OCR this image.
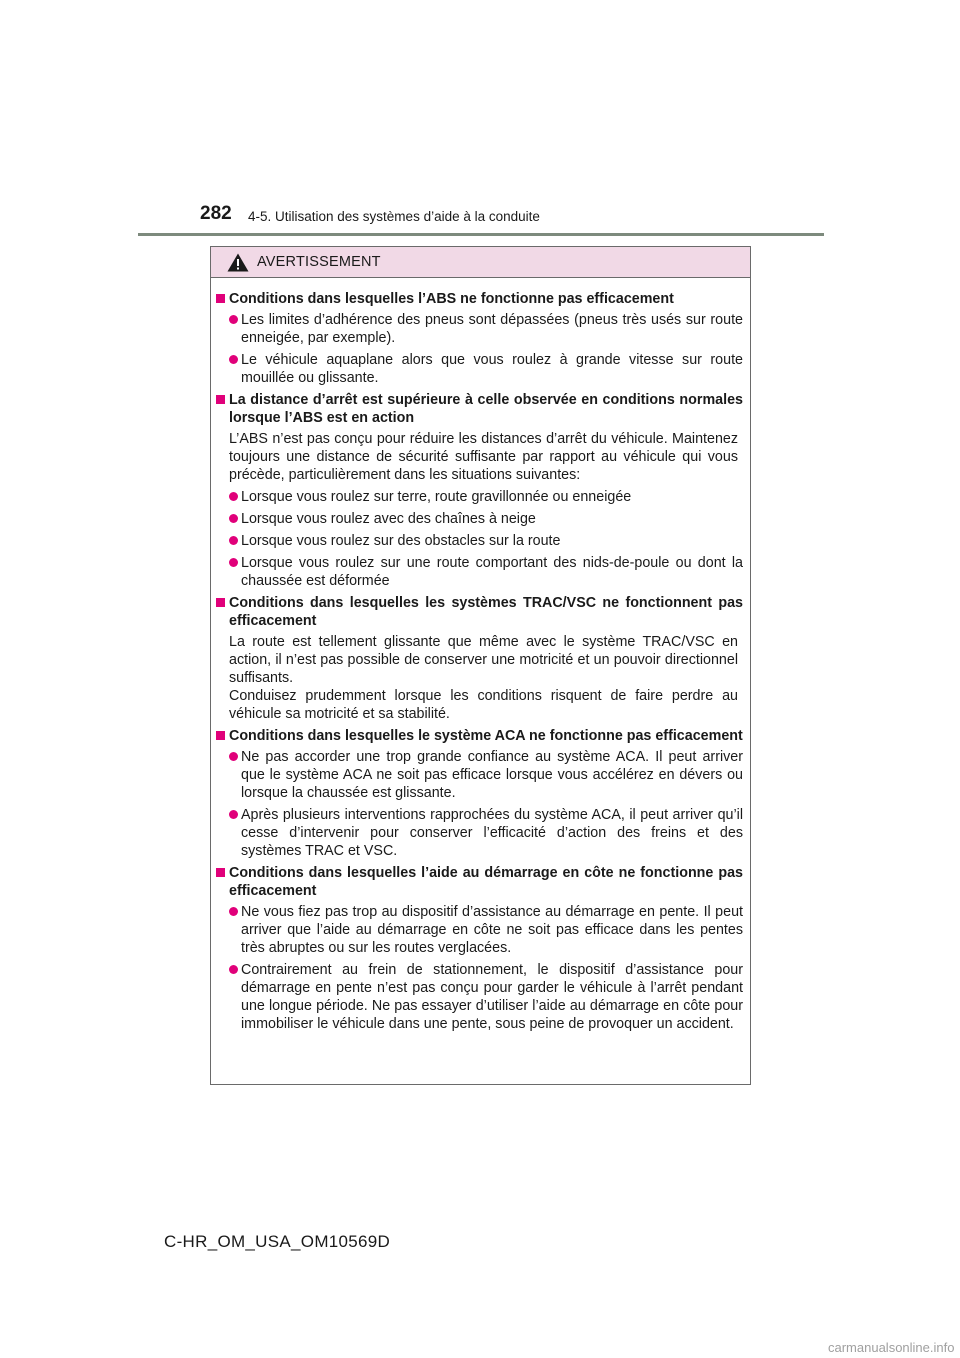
282 4-5. Utilisation des systèmes d’aide à la conduite
AVERTISSEMENT
Conditions dans lesquelles l’ABS ne fonctionne pas efficacement
Les limites d’adhérence des pneus sont dépassées (pneus très usés sur route enneigée, par exemple).
Le véhicule aquaplane alors que vous roulez à grande vitesse sur route mouillée ou glissante.
La distance d’arrêt est supérieure à celle observée en conditions normales lorsque l’ABS est en action
L’ABS n’est pas conçu pour réduire les distances d’arrêt du véhicule. Maintenez toujours une distance de sécurité suffisante par rapport au véhicule qui vous précède, particulièrement dans les situations suivantes:
Lorsque vous roulez sur terre, route gravillonnée ou enneigée
Lorsque vous roulez avec des chaînes à neige
Lorsque vous roulez sur des obstacles sur la route
Lorsque vous roulez sur une route comportant des nids-de-poule ou dont la chaussée est déformée
Conditions dans lesquelles les systèmes TRAC/VSC ne fonctionnent pas efficacement
La route est tellement glissante que même avec le système TRAC/VSC en action, il n’est pas possible de conserver une motricité et un pouvoir directionnel suffisants.
Conduisez prudemment lorsque les conditions risquent de faire perdre au véhicule sa motricité et sa stabilité.
Conditions dans lesquelles le système ACA ne fonctionne pas efficacement
Ne pas accorder une trop grande confiance au système ACA. Il peut arriver que le système ACA ne soit pas efficace lorsque vous accélérez en dévers ou lorsque la chaussée est glissante.
Après plusieurs interventions rapprochées du système ACA, il peut arriver qu’il cesse d’intervenir pour conserver l’efficacité d’action des freins et des systèmes TRAC et VSC.
Conditions dans lesquelles l’aide au démarrage en côte ne fonctionne pas efficacement
Ne vous fiez pas trop au dispositif d’assistance au démarrage en pente. Il peut arriver que l’aide au démarrage en côte ne soit pas efficace dans les pentes très abruptes ou sur les routes verglacées.
Contrairement au frein de stationnement, le dispositif d’assistance pour démarrage en pente n’est pas conçu pour garder le véhicule à l’arrêt pendant une longue période. Ne pas essayer d’utiliser l’aide au démarrage en côte pour immobiliser le véhicule dans une pente, sous peine de provoquer un accident.
C-HR_OM_USA_OM10569D
carmanualsonline.info
